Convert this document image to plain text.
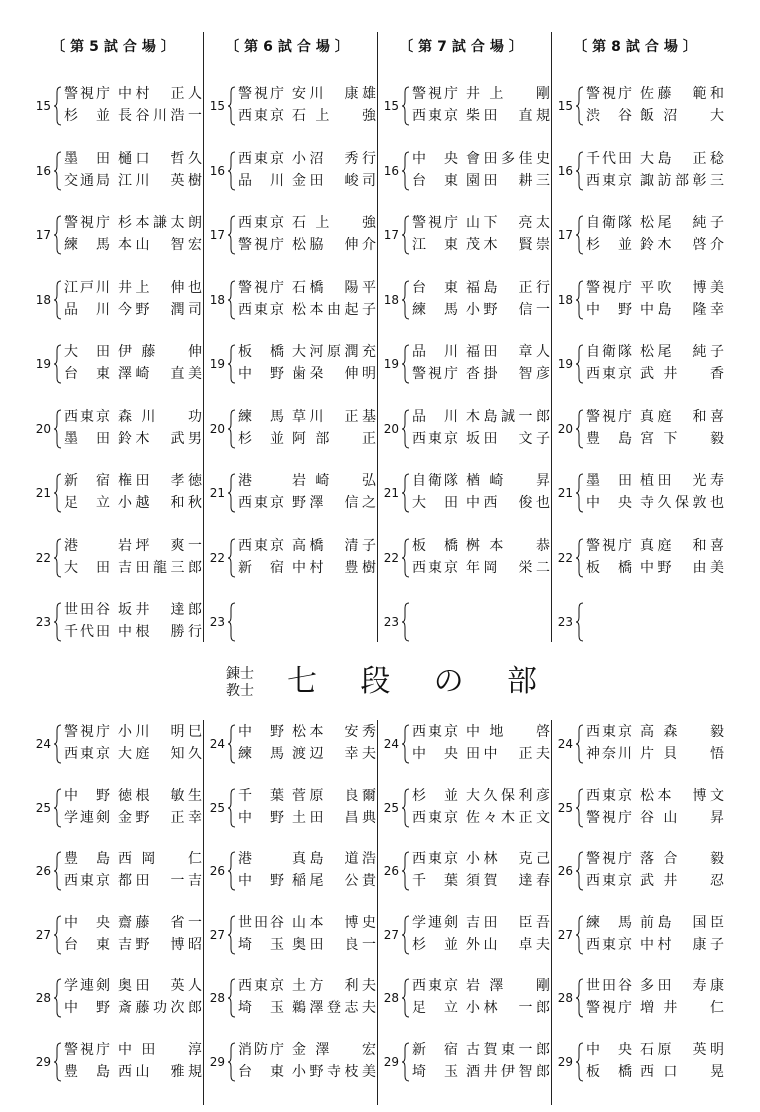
〔第5試合場〕	〔第6試合場〕	〔第7試合場〕	〔第8試合場〕
15
警視庁 中村　正人
杉並 長谷川浩一
16
墨田 樋口　哲久
交通局 江川　英樹
17
警視庁 杉本謙太朗
練馬 本山　智宏
18
江戸川 井上　伸也
品川 今野　潤司
19
大田 伊藤　伸
台東 澤崎　直美
20
西東京 森川　功
墨田 鈴木　武男
21
新宿 権田　孝徳
足立 小越　和秋
22
港	岩坪　爽一
大田 吉田龍三郎
23
世田谷 坂井　達郎
千代田 中根　勝行
15
警視庁 安川　康雄
西東京 石上　強
16
西東京 小沼　秀行
品川 金田　峻司
17
西東京 石上　強
警視庁 松脇　伸介
18
警視庁 石橋　陽平
西東京 松本由起子
19
板橋 大河原潤充
中野 歯朶　伸明
20
練馬 草川　正基
杉並 阿部　正
21
港	岩崎　弘
西東京 野澤　信之
22
西東京 高橋　清子
新宿 中村　豊樹
23
15
警視庁 井上　剛
西東京 柴田　直規
16
中央 會田多佳史
台東 園田　耕三
17
警視庁 山下　亮太
江東 茂木　賢崇
18
台東 福島　正行
練馬 小野　信一
19
品川 福田　章人
警視庁 沓掛　智彦
20
品川 木島誠一郎
西東京 坂田　文子
21
自衛隊 楢崎　昇
大田 中西　俊也
22
板橋 桝本　恭
西東京 年岡　栄二
23
15
警視庁 佐藤　範和
渋谷 飯沼　大
16
千代田 大島　正稔
西東京 諏訪部彰三
17
自衛隊 松尾　純子
杉並 鈴木　啓介
18
警視庁 平吹　博美
中野 中島　隆幸
19
自衛隊 松尾　純子
西東京 武井　香
20
警視庁 真庭　和喜
豊島 宮下　毅
21
墨田 植田　光寿
中央 寺久保敦也
22
警視庁 真庭　和喜
板橋 中野　由美
23
錬士
教士 七段の部
24
警視庁 小川　明巳
西東京 大庭　知久
25
中野 徳根　敏生
学連剣 金野　正幸
26
豊島 西岡　仁
西東京 都田　一吉
27
中央 齋藤　省一
台東 吉野　博昭
28
学連剣 奥田　英人
中野 斎藤功次郎
29
警視庁 中田　淳
豊島 西山　雅規
24
中野 松本　安秀
練馬 渡辺　幸夫
25
千葉 菅原　良爾
中野 土田　昌典
26
港	真島　道浩
中野 稲尾　公貴
27
世田谷 山本　博史
埼玉 奥田　良一
28
西東京 土方　利夫
埼玉 鵜澤登志夫
29
消防庁 金澤　宏
台東 小野寺枝美
24
西東京 中地　啓
中央 田中　正夫
25
杉並 大久保利彦
西東京 佐々木正文
26
西東京 小林　克己
千葉 須賀　達春
27
学連剣 吉田　臣吾
杉並 外山　卓夫
28
西東京 岩澤　剛
足立 小林　一郎
29
新宿 古賀東一郎
埼玉 酒井伊智郎
24
西東京 高森　毅
神奈川 片貝　悟
25
西東京 松本　博文
警視庁 谷山　昇
26
警視庁 落合　毅
西東京 武井　忍
27
練馬 前島　国臣
西東京 中村　康子
28
世田谷 多田　寿康
警視庁 増井　仁
29
中央 石原　英明
板橋 西口　晃
